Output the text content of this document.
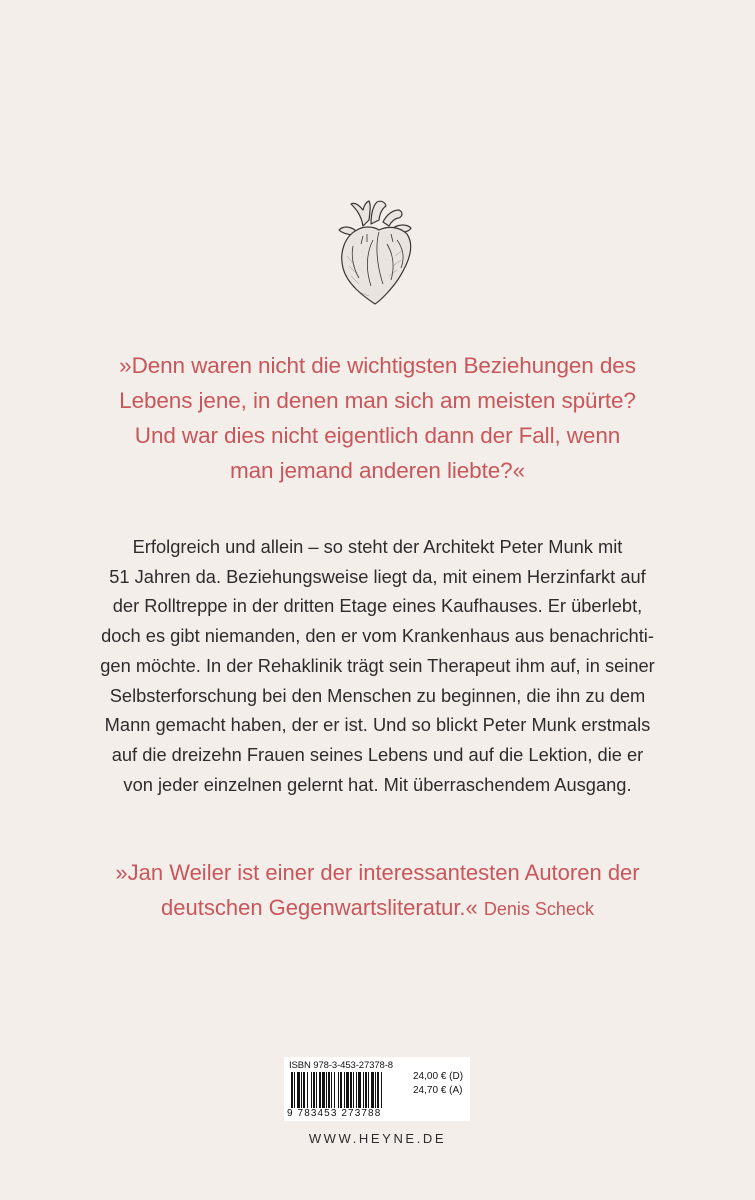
»Denn waren nicht die wichtigsten Beziehungen des
Lebens jene, in denen man sich am meisten spürte?
Und war dies nicht eigentlich dann der Fall, wenn
man jemand anderen liebte?«
Erfolgreich und allein – so steht der Architekt Peter Munk mit
51 Jahren da. Beziehungsweise liegt da, mit einem Herzinfarkt auf
der Rolltreppe in der dritten Etage eines Kaufhauses. Er überlebt,
doch es gibt niemanden, den er vom Krankenhaus aus benachrichti-
gen möchte. In der Rehaklinik trägt sein Therapeut ihm auf, in seiner
Selbsterforschung bei den Menschen zu beginnen, die ihn zu dem
Mann gemacht haben, der er ist. Und so blickt Peter Munk erstmals
auf die dreizehn Frauen seines Lebens und auf die Lektion, die er
von jeder einzelnen gelernt hat. Mit überraschendem Ausgang.
»Jan Weiler ist einer der interessantesten Autoren der
deutschen Gegenwartsliteratur.« Denis Scheck
ISBN 978-3-453-27378-8
9 783453 273788
24,00 € (D)
24,70 € (A)
WWW.HEYNE.DE
